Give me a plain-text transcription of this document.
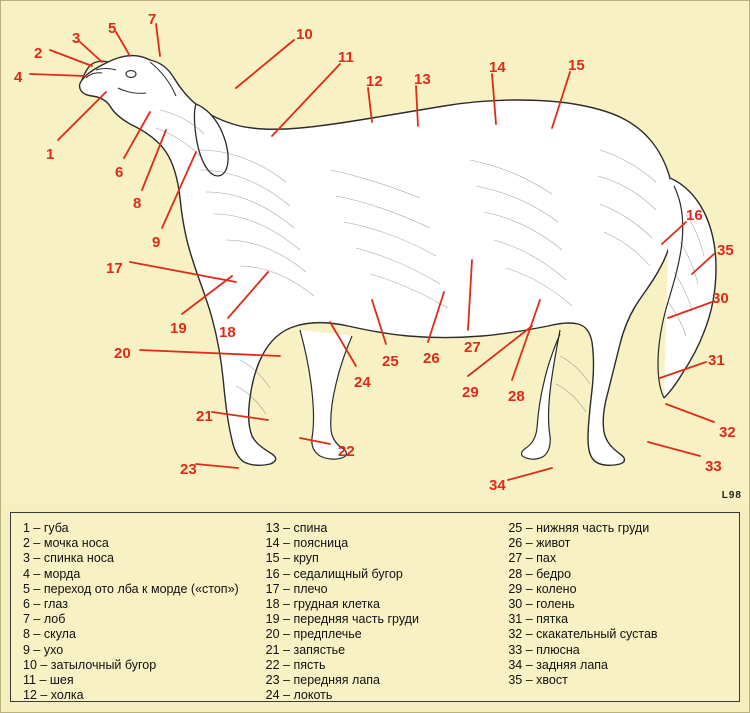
1
2
3
4
5
6
7
8
9
10
11
12 13
14	15
16
17
18
19
20
21
22
23
24
25 26
27
28
29
30
31
32
33
34
35
L98
1 – губа
2 – мочка носа
3 – спинка носа
4 – морда
5 – переход ото лба к морде («стоп»)
6 – глаз
7 – лоб
8 – скула
9 – ухо
10 – затылочный бугор
11 – шея
12 – холка
13 – спина
14 – поясница
15 – круп
16 – седалищный бугор
17 – плечо
18 – грудная клетка
19 – передняя часть груди
20 – предплечье
21 – запястье
22 – пясть
23 – передняя лапа
24 – локоть
25 – нижняя часть груди
26 – живот
27 – пах
28 – бедро
29 – колено
30 – голень
31 – пятка
32 – скакательный сустав
33 – плюсна
34 – задняя лапа
35 – хвост
